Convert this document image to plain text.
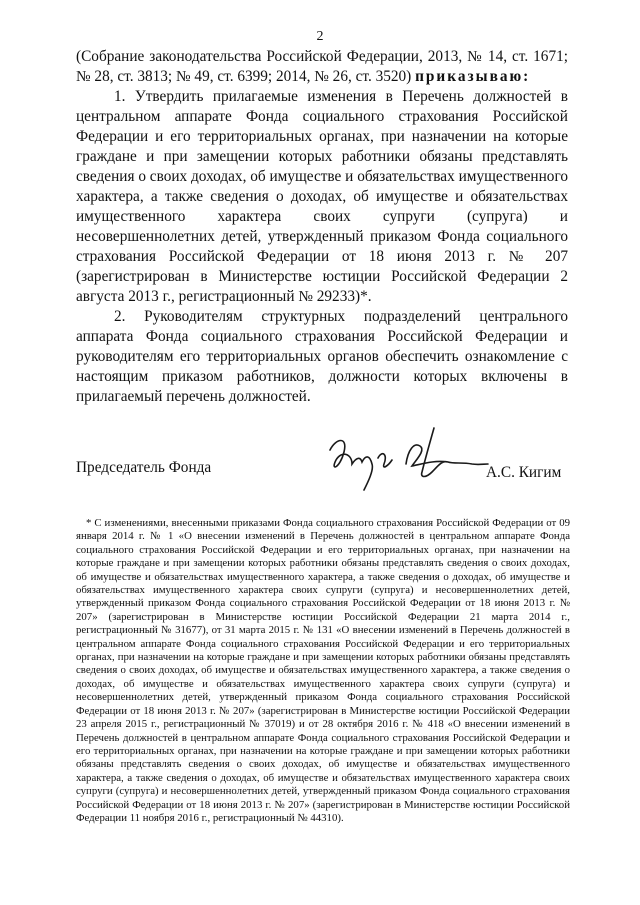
2

(Собрание законодательства Российской Федерации, 2013, № 14, ст. 1671; № 28, ст. 3813; № 49, ст. 6399; 2014, № 26, ст. 3520) приказываю:

1. Утвердить прилагаемые изменения в Перечень должностей в центральном аппарате Фонда социального страхования Российской Федерации и его территориальных органах, при назначении на которые граждане и при замещении которых работники обязаны представлять сведения о своих доходах, об имуществе и обязательствах имущественного характера, а также сведения о доходах, об имуществе и обязательствах имущественного характера своих супруги (супруга) и несовершеннолетних детей, утвержденный приказом Фонда социального страхования Российской Федерации от 18 июня 2013 г. № 207 (зарегистрирован в Министерстве юстиции Российской Федерации 2 августа 2013 г., регистрационный № 29233)*.

2. Руководителям структурных подразделений центрального аппарата Фонда социального страхования Российской Федерации и руководителям его территориальных органов обеспечить ознакомление с настоящим приказом работников, должности которых включены в прилагаемый перечень должностей.

Председатель Фонда	А.С. Кигим

* С изменениями, внесенными приказами Фонда социального страхования Российской Федерации от 09 января 2014 г. № 1 «О внесении изменений в Перечень должностей в центральном аппарате Фонда социального страхования Российской Федерации и его территориальных органах, при назначении на которые граждане и при замещении которых работники обязаны представлять сведения о своих доходах, об имуществе и обязательствах имущественного характера, а также сведения о доходах, об имуществе и обязательствах имущественного характера своих супруги (супруга) и несовершеннолетних детей, утвержденный приказом Фонда социального страхования Российской Федерации от 18 июня 2013 г. № 207» (зарегистрирован в Министерстве юстиции Российской Федерации 21 марта 2014 г., регистрационный № 31677), от 31 марта 2015 г. № 131 «О внесении изменений в Перечень должностей в центральном аппарате Фонда социального страхования Российской Федерации и его территориальных органах, при назначении на которые граждане и при замещении которых работники обязаны представлять сведения о своих доходах, об имуществе и обязательствах имущественного характера, а также сведения о доходах, об имуществе и обязательствах имущественного характера своих супруги (супруга) и несовершеннолетних детей, утвержденный приказом Фонда социального страхования Российской Федерации от 18 июня 2013 г. № 207» (зарегистрирован в Министерстве юстиции Российской Федерации 23 апреля 2015 г., регистрационный № 37019) и от 28 октября 2016 г. № 418 «О внесении изменений в Перечень должностей в центральном аппарате Фонда социального страхования Российской Федерации и его территориальных органах, при назначении на которые граждане и при замещении которых работники обязаны представлять сведения о своих доходах, об имуществе и обязательствах имущественного характера, а также сведения о доходах, об имуществе и обязательствах имущественного характера своих супруги (супруга) и несовершеннолетних детей, утвержденный приказом Фонда социального страхования Российской Федерации от 18 июня 2013 г. № 207» (зарегистрирован в Министерстве юстиции Российской Федерации 11 ноября 2016 г., регистрационный № 44310).
